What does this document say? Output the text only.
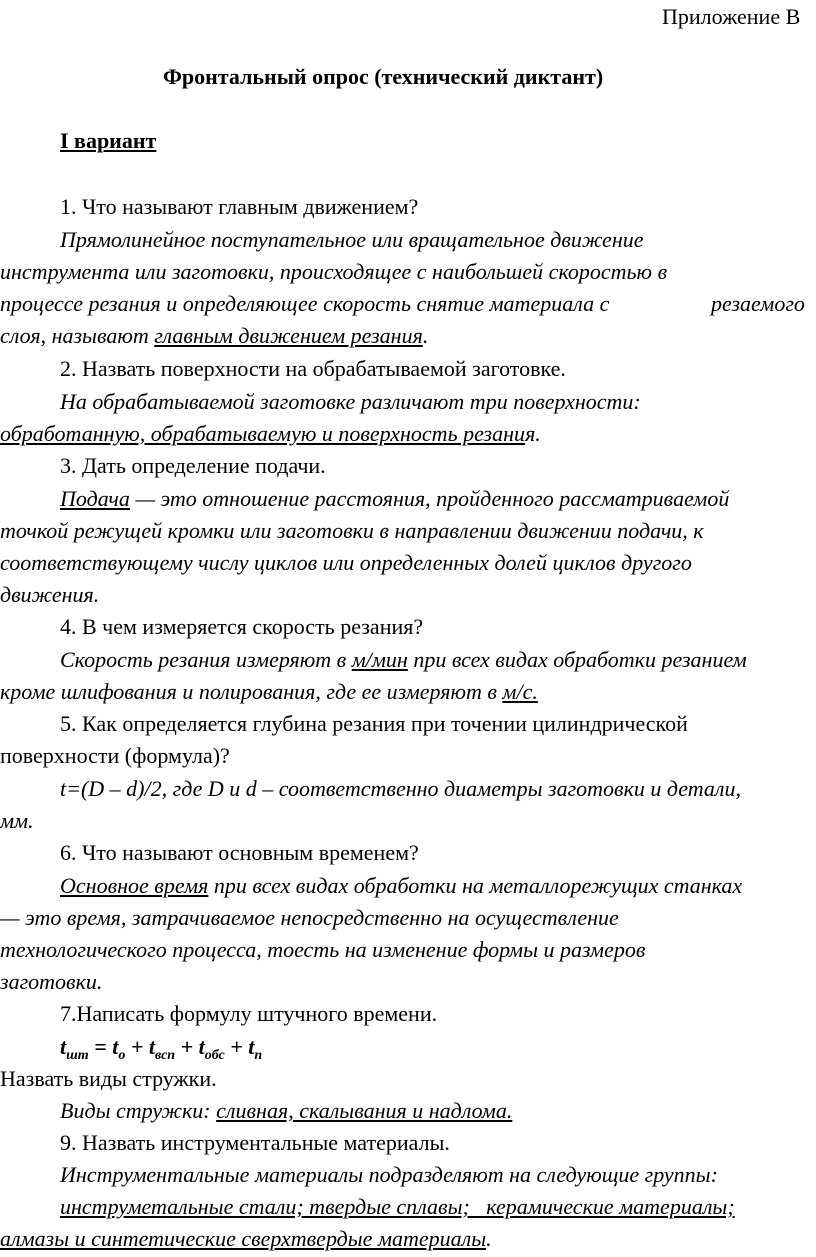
Приложение В
Фронтальный опрос (технический диктант)
I вариант
1. Что называют главным движением?
Прямолинейное поступательное или вращательное движение
инструмента или заготовки, происходящее с наибольшей скоростью в
процессе резания и определяющее скорость снятие материала с	резаемого
слоя, называют главным движением резания.
2. Назвать поверхности на обрабатываемой заготовке.
На обрабатываемой заготовке различают три поверхности:
обработанную, обрабатываемую и поверхность резания.
3. Дать определение подачи.
Подача — это отношение расстояния, пройденного рассматриваемой
точкой режущей кромки или заготовки в направлении движении подачи, к
соответствующему числу циклов или определенных долей циклов другого
движения.
4. В чем измеряется скорость резания?
Скорость резания измеряют в м/мин при всех видах обработки резанием
кроме шлифования и полирования, где ее измеряют в м/с.
5. Как определяется глубина резания при точении цилиндрической
поверхности (формула)?
t=(D – d)/2, где D и d – соответственно диаметры заготовки и детали,
мм.
6. Что называют основным временем?
Основное время при всех видах обработки на металлорежущих станках
— это время, затрачиваемое непосредственно на осуществление
технологического процесса, тоесть на изменение формы и размеров
заготовки.
7.Написать формулу штучного времени.
$t_{шт} = t_о + t_{всп} + t_{обс} + t_п$
Назвать виды стружки.
Виды стружки: сливная, скалывания и надлома.
9. Назвать инструментальные материалы.
Инструментальные материалы подразделяют на следующие группы:
инструметальные стали; твердые сплавы;   керамические материалы;
алмазы и синтетические сверхтвердые материалы.
